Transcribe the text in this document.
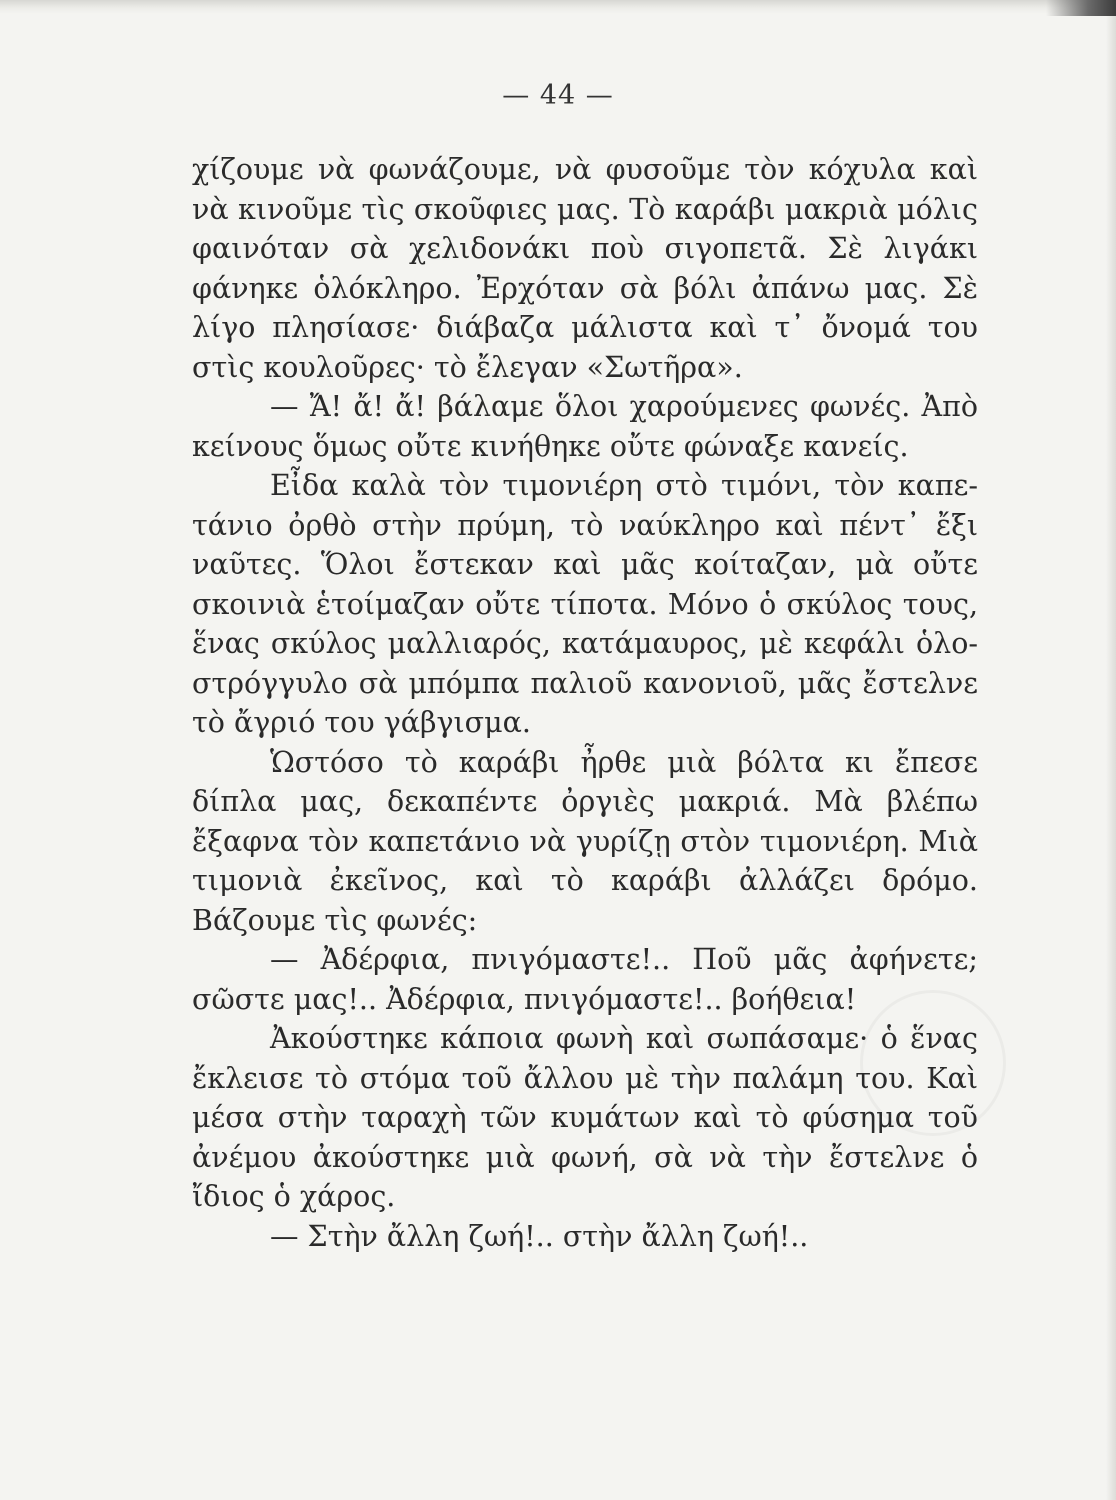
— 44 —

χίζουμε νὰ φωνάζουμε, νὰ φυσοῦμε τὸν κόχυλα καὶ νὰ κινοῦμε τὶς σκοῦφιες μας. Τὸ καράβι μακριὰ μόλις φαινόταν σὰ χελιδονάκι ποὺ σιγοπετᾶ. Σὲ λιγάκι φάνηκε ὁλόκληρο. Ἐρχόταν σὰ βόλι ἀπάνω μας. Σὲ λίγο πλησίασε· διάβαζα μάλιστα καὶ τ᾽ ὄνομά του στὶς κουλοῦρες· τὸ ἔλεγαν «Σωτῆρα».

— Ἄ! ἄ! ἄ! βάλαμε ὅλοι χαρούμενες φωνές. Ἀπὸ κείνους ὅμως οὔτε κινήθηκε οὔτε φώναξε κανείς.

Εἶδα καλὰ τὸν τιμονιέρη στὸ τιμόνι, τὸν καπετάνιο ὀρθὸ στὴν πρύμη, τὸ ναύκληρο καὶ πέντ᾽ ἔξι ναῦτες. Ὅλοι ἔστεκαν καὶ μᾶς κοίταζαν, μὰ οὔτε σκοινιὰ ἑτοίμαζαν οὔτε τίποτα. Μόνο ὁ σκύλος τους, ἕνας σκύλος μαλλιαρός, κατάμαυρος, μὲ κεφάλι ὁλοστρόγγυλο σὰ μπόμπα παλιοῦ κανονιοῦ, μᾶς ἔστελνε τὸ ἄγριό του γάβγισμα.

Ὡστόσο τὸ καράβι ἦρθε μιὰ βόλτα κι ἔπεσε δίπλα μας, δεκαπέντε ὀργιὲς μακριά. Μὰ βλέπω ἔξαφνα τὸν καπετάνιο νὰ γυρίζῃ στὸν τιμονιέρη. Μιὰ τιμονιὰ ἐκεῖνος, καὶ τὸ καράβι ἀλλάζει δρόμο. Βάζουμε τὶς φωνές:

— Ἀδέρφια, πνιγόμαστε!.. Ποῦ μᾶς ἀφήνετε; σῶστε μας!.. Ἀδέρφια, πνιγόμαστε!.. βοήθεια!

Ἀκούστηκε κάποια φωνὴ καὶ σωπάσαμε· ὁ ἕνας ἔκλεισε τὸ στόμα τοῦ ἄλλου μὲ τὴν παλάμη του. Καὶ μέσα στὴν ταραχὴ τῶν κυμάτων καὶ τὸ φύσημα τοῦ ἀνέμου ἀκούστηκε μιὰ φωνή, σὰ νὰ τὴν ἔστελνε ὁ ἴδιος ὁ χάρος.

— Στὴν ἄλλη ζωή!.. στὴν ἄλλη ζωή!..
